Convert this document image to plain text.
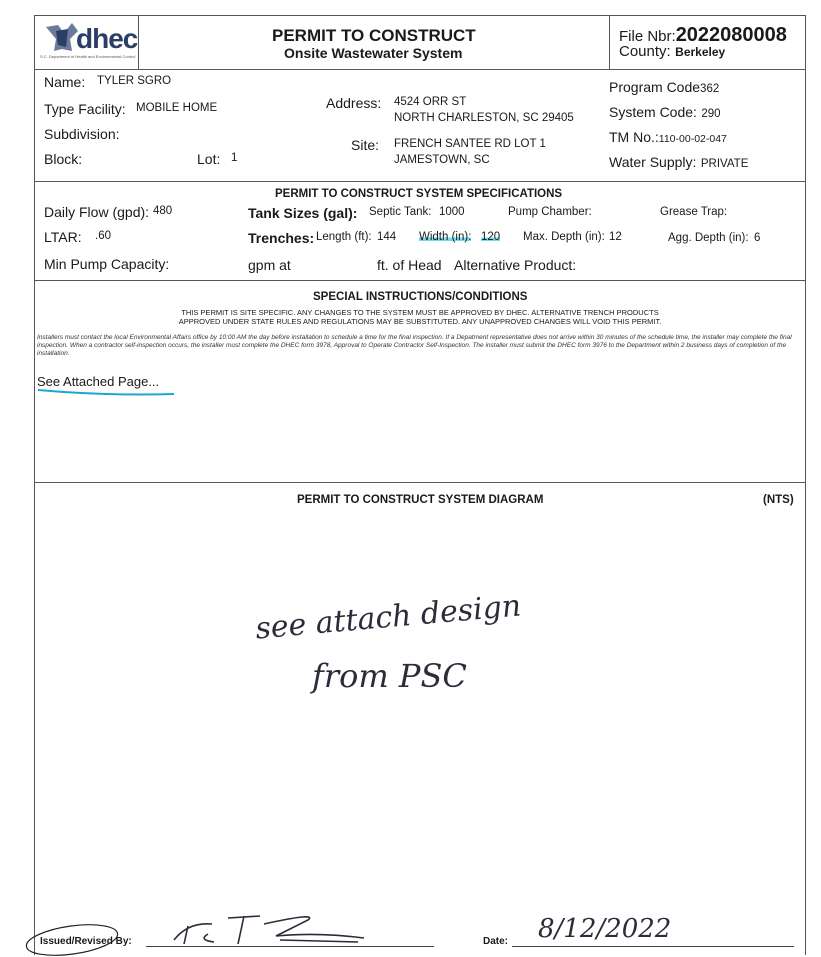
dhec
S.C. Department of Health and Environmental Control
PERMIT TO CONSTRUCT
Onsite Wastewater System
File Nbr:2022080008
County: Berkeley
Name: TYLER SGRO
Type Facility: MOBILE HOME
Subdivision:
Block:	Lot: 1
Address: 4524 ORR ST
NORTH CHARLESTON, SC 29405
Site: FRENCH SANTEE RD LOT 1
JAMESTOWN, SC
Program Code362
System Code: 290
TM No.:110-00-02-047
Water Supply: PRIVATE
PERMIT TO CONSTRUCT SYSTEM SPECIFICATIONS
Daily Flow (gpd): 480	Tank Sizes (gal): Septic Tank: 1000	Pump Chamber:	Grease Trap:
LTAR: .60	Trenches: Length (ft): 144 Width (in): 120 Max. Depth (in): 12	Agg. Depth (in): 6
Min Pump Capacity:	gpm at	ft. of Head Alternative Product:
SPECIAL INSTRUCTIONS/CONDITIONS
THIS PERMIT IS SITE SPECIFIC. ANY CHANGES TO THE SYSTEM MUST BE APPROVED BY DHEC. ALTERNATIVE TRENCH PRODUCTS
APPROVED UNDER STATE RULES AND REGULATIONS MAY BE SUBSTITUTED. ANY UNAPPROVED CHANGES WILL VOID THIS PERMIT.
Installers must contact the local Environmental Affairs office by 10:00 AM the day before installation to schedule a time for the final inspection. If a Depatment representative does not arrive within 30 minutes of the schedule time, the installer may complete the final inspection. When a contractor self-inspection occurs, the installer must complete the DHEC form 3978, Approval to Operate Contractor Self-Inspection. The installer must submit the DHEC form 3976 to the Department within 2 business days of completion of the installation.
See Attached Page...
PERMIT TO CONSTRUCT SYSTEM DIAGRAM	(NTS)
see attach design
from PSC
Issued/Revised By:	Date: 8/12/2022
